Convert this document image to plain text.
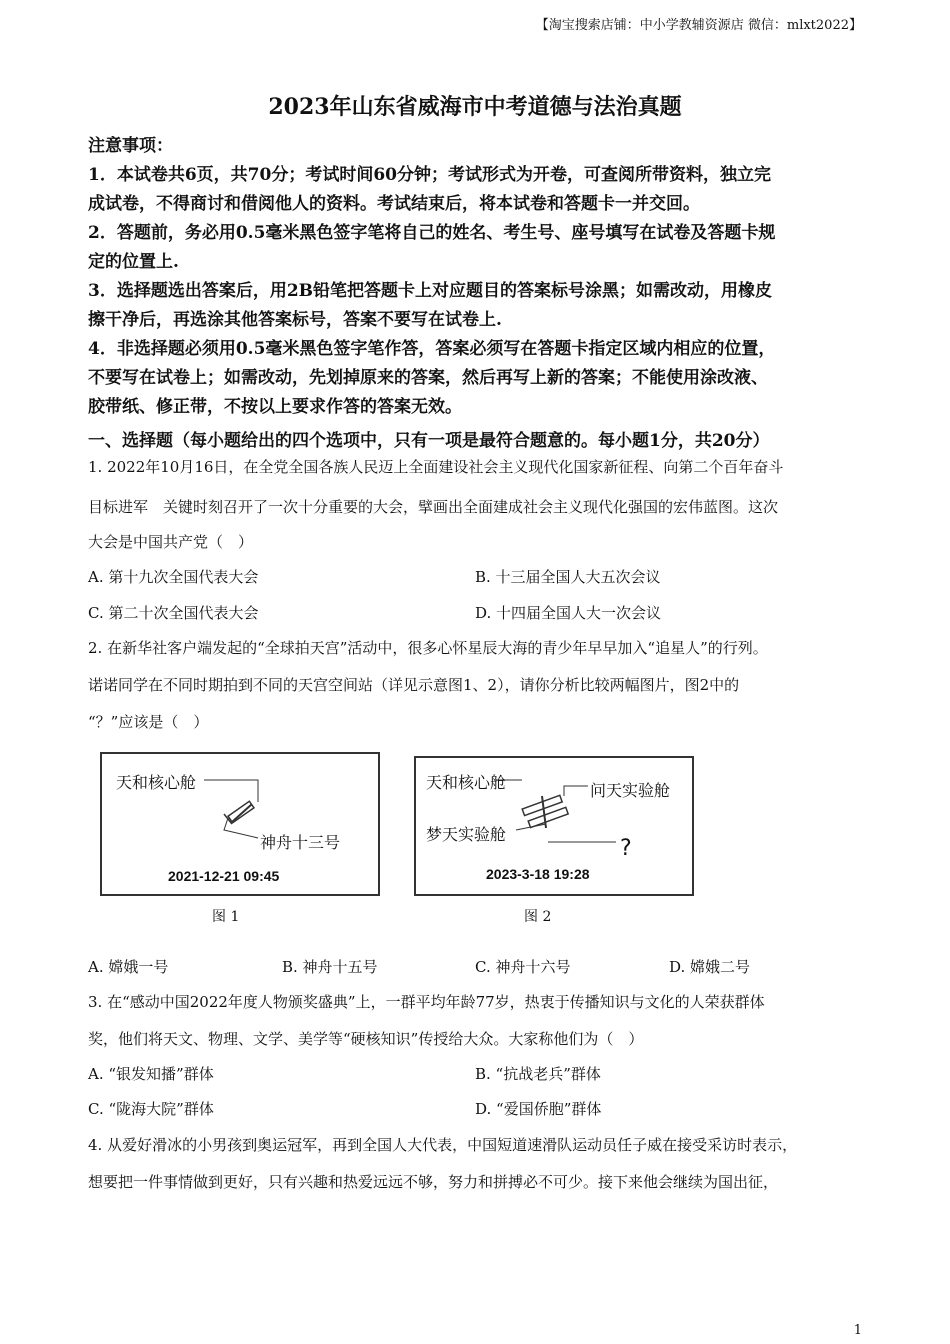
【淘宝搜索店铺：中小学教辅资源店 微信：mlxt2022】
2023年山东省威海市中考道德与法治真题

注意事项：

1．本试卷共6页，共70分；考试时间60分钟；考试形式为开卷，可查阅所带资料，独立完

成试卷，不得商讨和借阅他人的资料。考试结束后，将本试卷和答题卡一并交回。

2．答题前，务必用0.5毫米黑色签字笔将自己的姓名、考生号、座号填写在试卷及答题卡规

定的位置上.

3．选择题选出答案后，用2B铅笔把答题卡上对应题目的答案标号涂黑；如需改动，用橡皮

擦干净后，再选涂其他答案标号，答案不要写在试卷上.

4．非选择题必须用0.5毫米黑色签字笔作答，答案必须写在答题卡指定区域内相应的位置，

不要写在试卷上；如需改动，先划掉原来的答案，然后再写上新的答案；不能使用涂改液、

胶带纸、修正带，不按以上要求作答的答案无效。

一、选择题（每小题给出的四个选项中，只有一项是最符合题意的。每小题1分，共20分）
1. 2022年10月16日，在全党全国各族人民迈上全面建设社会主义现代化国家新征程、向第二个百年奋斗
目标进军　关键时刻召开了一次十分重要的大会，擘画出全面建成社会主义现代化强国的宏伟蓝图。这次
大会是中国共产党（　）
A. 第十九次全国代表大会	B. 十三届全国人大五次会议
C. 第二十次全国代表大会	D. 十四届全国人大一次会议
2. 在新华社客户端发起的“全球拍天宫”活动中，很多心怀星辰大海的青少年早早加入“追星人”的行列。
诺诺同学在不同时期拍到不同的天宫空间站（详见示意图1、2），请你分析比较两幅图片，图2中的
“？”应该是（　）
天和核心舱
神舟十三号
2021-12-21 09:45
图 1
天和核心舱	问天实验舱
梦天实验舱
?
2023-3-18 19:28
图 2
A. 嫦娥一号	B. 神舟十五号	C. 神舟十六号	D. 嫦娥二号
3. 在“感动中国2022年度人物颁奖盛典”上，一群平均年龄77岁，热衷于传播知识与文化的人荣获群体
奖，他们将天文、物理、文学、美学等“硬核知识”传授给大众。大家称他们为（　）
A. “银发知播”群体	B. “抗战老兵”群体
C. “陇海大院”群体	D. “爱国侨胞”群体
4. 从爱好滑冰的小男孩到奥运冠军，再到全国人大代表，中国短道速滑队运动员任子威在接受采访时表示，
想要把一件事情做到更好，只有兴趣和热爱远远不够，努力和拼搏必不可少。接下来他会继续为国出征，
1
